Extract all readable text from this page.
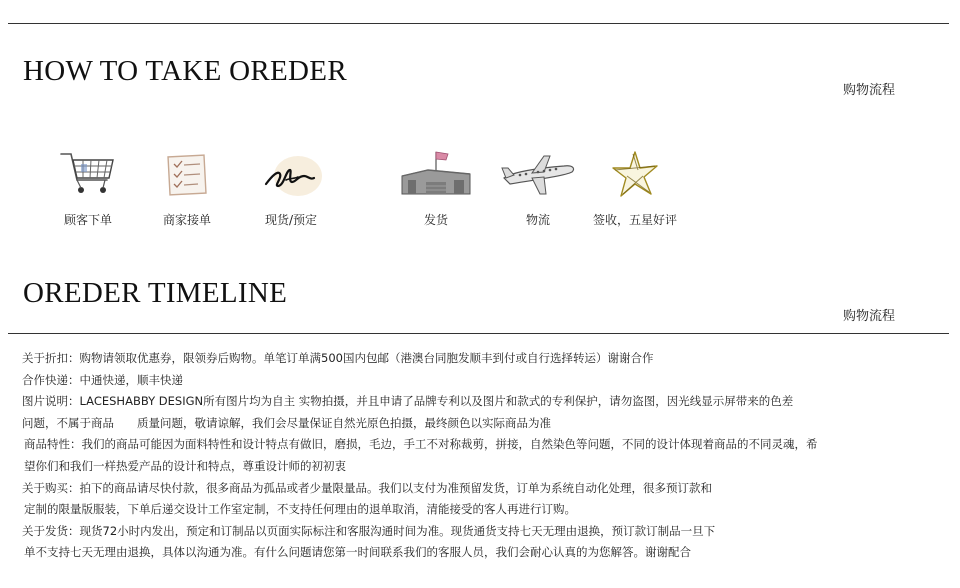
HOW TO TAKE OREDER
购物流程
顾客下单	商家接单	现货/预定	发货	物流	签收，五星好评
OREDER TIMELINE
购物流程
关于折扣：购物请领取优惠券，限领券后购物。单笔订单满500国内包邮（港澳台同胞发顺丰到付或自行选择转运）谢谢合作
合作快递：中通快递，顺丰快递
图片说明：LACESHABBY DESIGN所有图片均为自主 实物拍摄，并且申请了品牌专利以及图片和款式的专利保护，请勿盗图，因光线显示屏带来的色差
问题，不属于商品　　质量问题，敬请谅解，我们会尽量保证自然光原色拍摄，最终颜色以实际商品为准
商品特性：我们的商品可能因为面料特性和设计特点有做旧，磨损，毛边，手工不对称裁剪，拼接，自然染色等问题，不同的设计体现着商品的不同灵魂，希
望你们和我们一样热爱产品的设计和特点，尊重设计师的初初衷
关于购买：拍下的商品请尽快付款，很多商品为孤品或者少量限量品。我们以支付为准预留发货，订单为系统自动化处理，很多预订款和
定制的限量版服装，下单后递交设计工作室定制，不支持任何理由的退单取消，清能接受的客人再进行订购。
关于发货：现货72小时内发出，预定和订制品以页面实际标注和客服沟通时间为准。现货通货支持七天无理由退换，预订款订制品一旦下
单不支持七天无理由退换，具体以沟通为准。有什么问题请您第一时间联系我们的客服人员，我们会耐心认真的为您解答。谢谢配合
